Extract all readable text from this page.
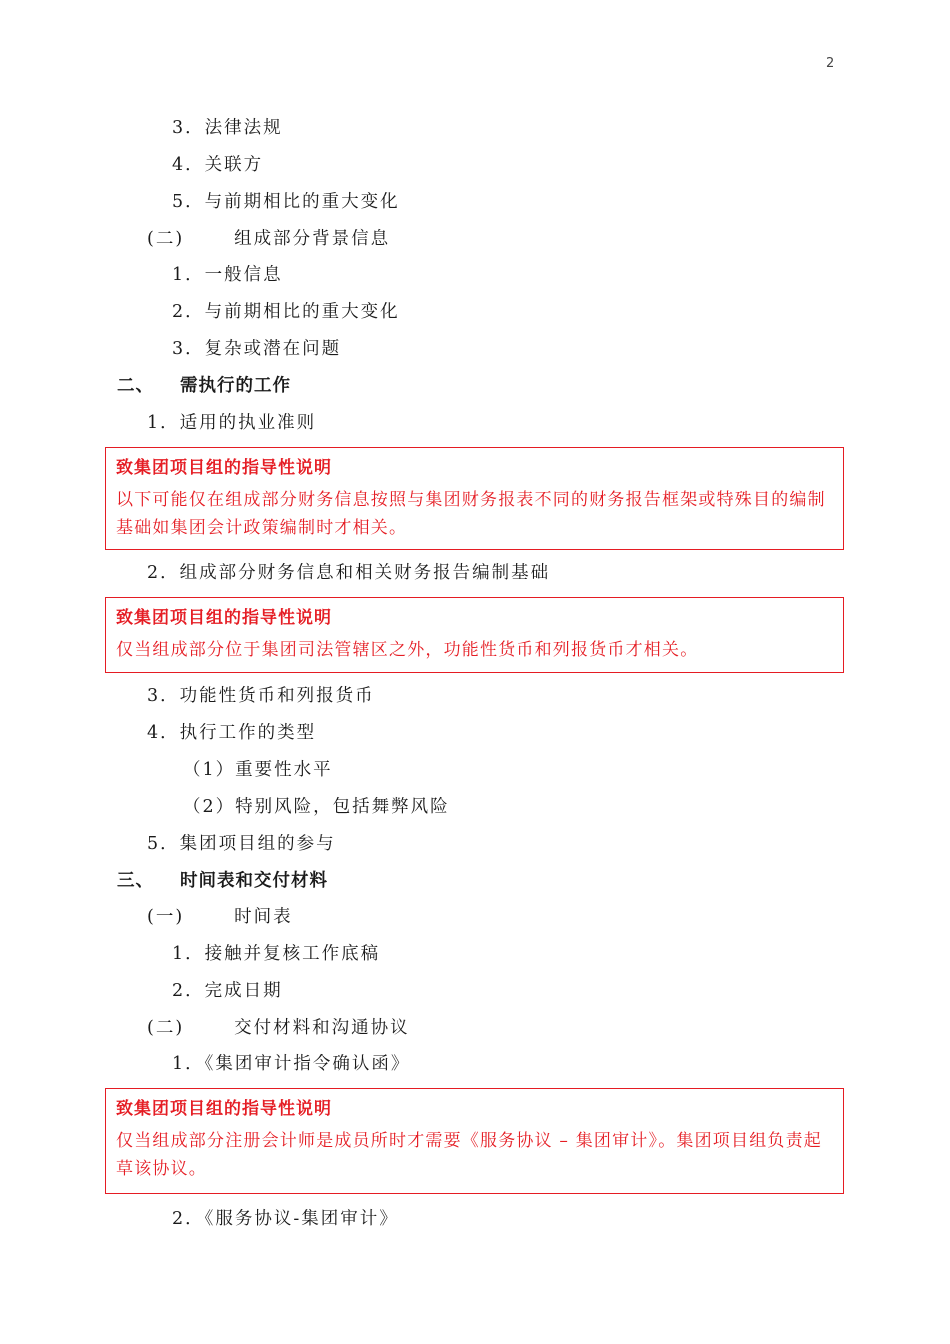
2
3．法律法规
4．关联方
5．与前期相比的重大变化
(二)	组成部分背景信息
1．一般信息
2．与前期相比的重大变化
3．复杂或潜在问题
二、 需执行的工作
1．适用的执业准则
致集团项目组的指导性说明
以下可能仅在组成部分财务信息按照与集团财务报表不同的财务报告框架或特殊目的编制基础如集团会计政策编制时才相关。
2．组成部分财务信息和相关财务报告编制基础
致集团项目组的指导性说明
仅当组成部分位于集团司法管辖区之外，功能性货币和列报货币才相关。
3．功能性货币和列报货币
4．执行工作的类型
（1）重要性水平
（2）特别风险，包括舞弊风险
5．集团项目组的参与
三、 时间表和交付材料
(一)	时间表
1．接触并复核工作底稿
2．完成日期
(二)	交付材料和沟通协议
1．《集团审计指令确认函》
致集团项目组的指导性说明
仅当组成部分注册会计师是成员所时才需要《服务协议 – 集团审计》。集团项目组负责起草该协议。
2．《服务协议-集团审计》
